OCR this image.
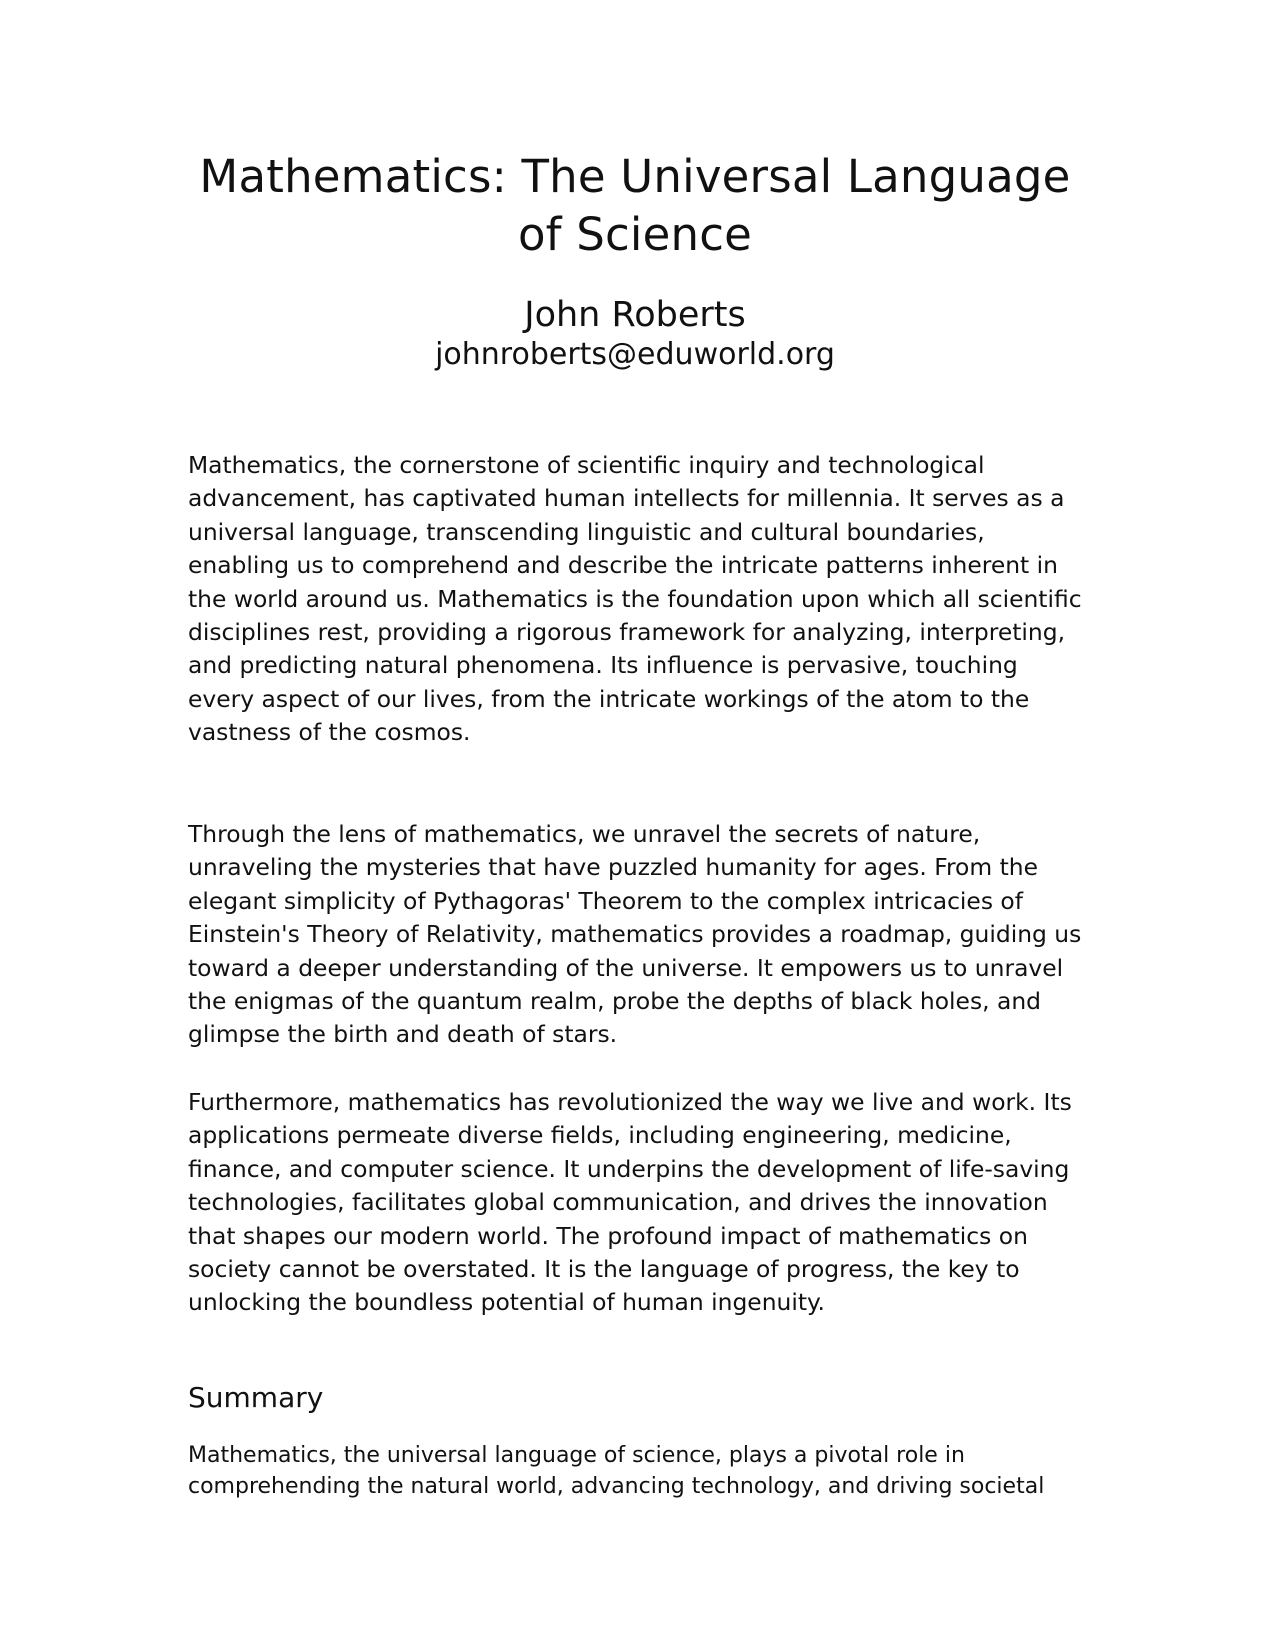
Mathematics: The Universal Language of Science
John Roberts
johnroberts@eduworld.org

Mathematics, the cornerstone of scientific inquiry and technological advancement, has captivated human intellects for millennia. It serves as a universal language, transcending linguistic and cultural boundaries, enabling us to comprehend and describe the intricate patterns inherent in the world around us. Mathematics is the foundation upon which all scientific disciplines rest, providing a rigorous framework for analyzing, interpreting, and predicting natural phenomena. Its influence is pervasive, touching every aspect of our lives, from the intricate workings of the atom to the vastness of the cosmos.

Through the lens of mathematics, we unravel the secrets of nature, unraveling the mysteries that have puzzled humanity for ages. From the elegant simplicity of Pythagoras' Theorem to the complex intricacies of Einstein's Theory of Relativity, mathematics provides a roadmap, guiding us toward a deeper understanding of the universe. It empowers us to unravel the enigmas of the quantum realm, probe the depths of black holes, and glimpse the birth and death of stars.

Furthermore, mathematics has revolutionized the way we live and work. Its applications permeate diverse fields, including engineering, medicine, finance, and computer science. It underpins the development of life-saving technologies, facilitates global communication, and drives the innovation that shapes our modern world. The profound impact of mathematics on society cannot be overstated. It is the language of progress, the key to unlocking the boundless potential of human ingenuity.

Summary

Mathematics, the universal language of science, plays a pivotal role in comprehending the natural world, advancing technology, and driving societal
